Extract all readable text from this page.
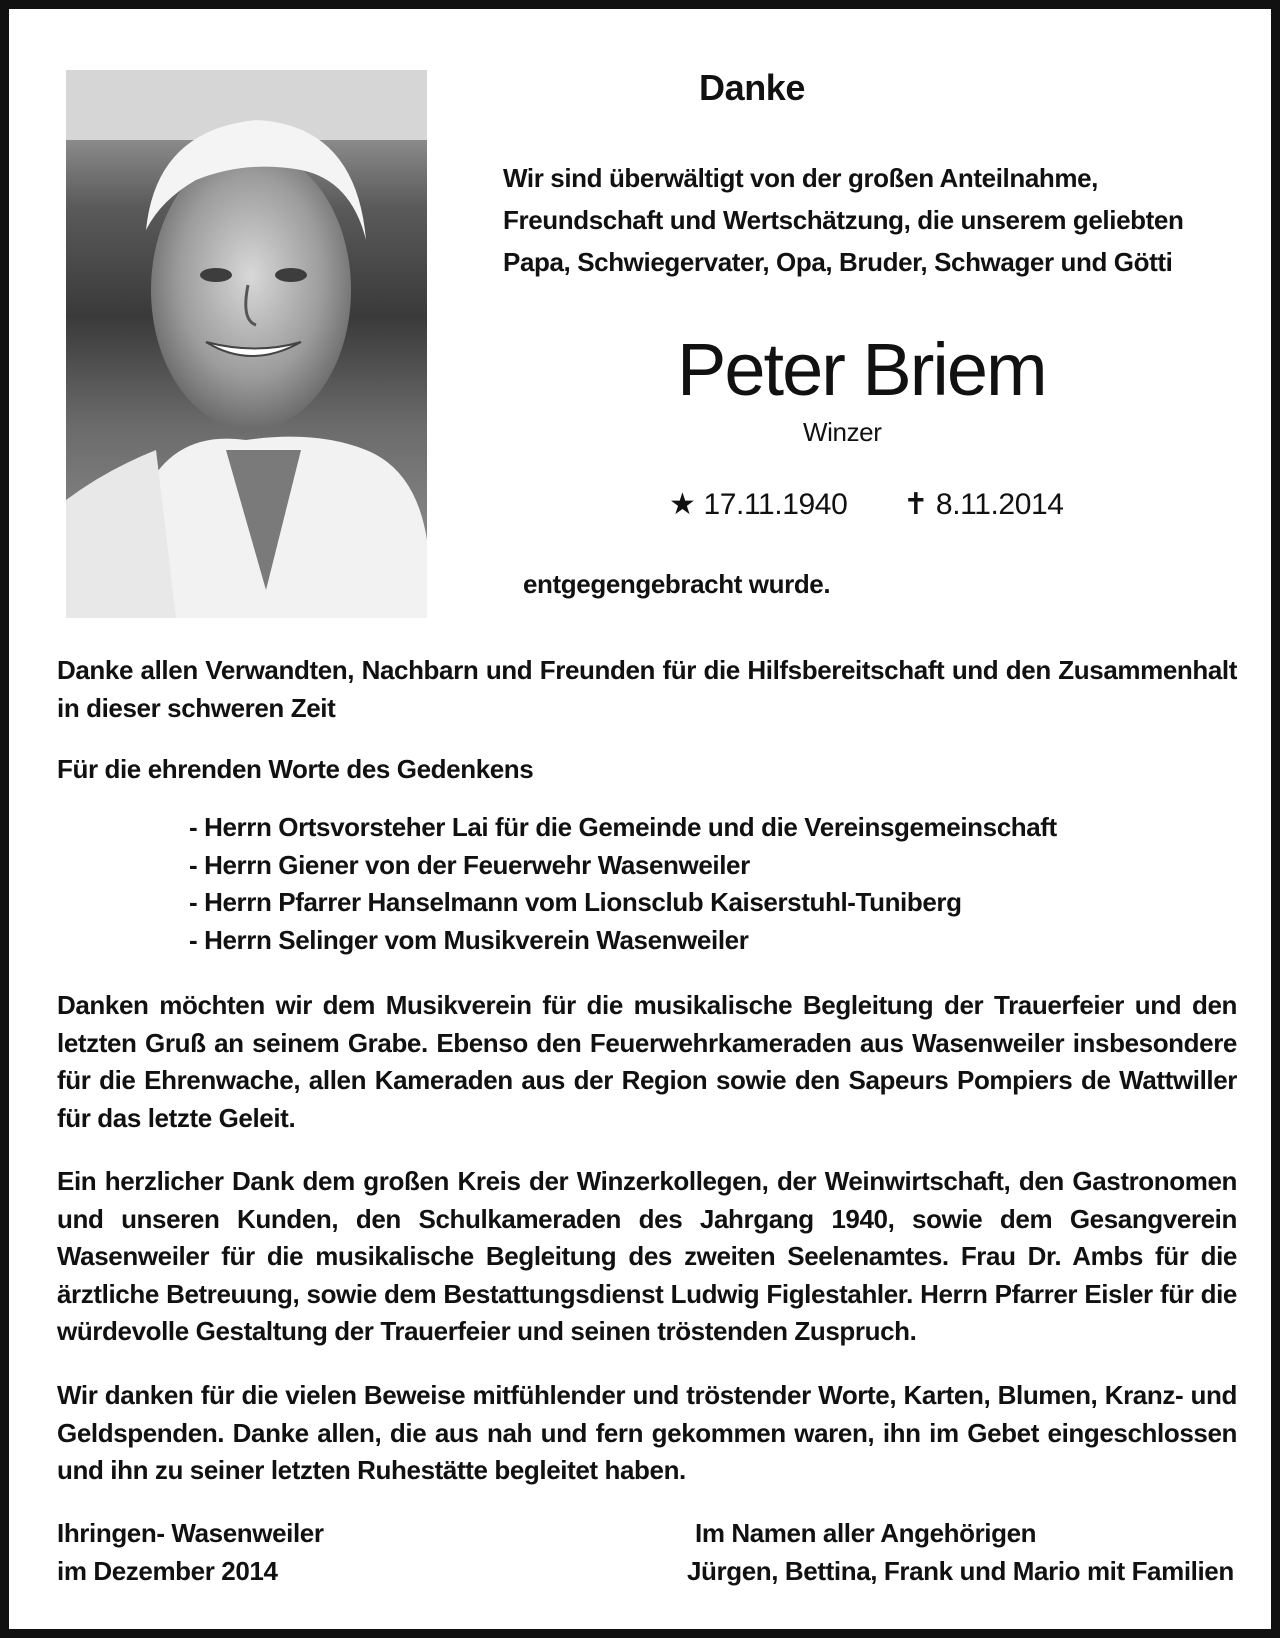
Danke
Wir sind überwältigt von der großen Anteilnahme,
Freundschaft und Wertschätzung, die unserem geliebten
Papa, Schwiegervater, Opa, Bruder, Schwager und Götti
Peter Briem
Winzer
★ 17.11.1940 ✝ 8.11.2014
entgegengebracht wurde.
Danke allen Verwandten, Nachbarn und Freunden für die Hilfsbereitschaft und den Zusammenhalt in dieser schweren Zeit
Für die ehrenden Worte des Gedenkens
- Herrn Ortsvorsteher Lai für die Gemeinde und die Vereinsgemeinschaft
- Herrn Giener von der Feuerwehr Wasenweiler
- Herrn Pfarrer Hanselmann vom Lionsclub Kaiserstuhl-Tuniberg
- Herrn Selinger vom Musikverein Wasenweiler
Danken möchten wir dem Musikverein für die musikalische Begleitung der Trauerfeier und den letzten Gruß an seinem Grabe. Ebenso den Feuerwehrkameraden aus Wasenweiler insbesondere für die Ehrenwache, allen Kameraden aus der Region sowie den Sapeurs Pompiers de Wattwiller für das letzte Geleit.
Ein herzlicher Dank dem großen Kreis der Winzerkollegen, der Weinwirtschaft, den Gastronomen und unseren Kunden, den Schulkameraden des Jahrgang 1940, sowie dem Gesangverein Wasenweiler für die musikalische Begleitung des zweiten Seelenamtes. Frau Dr. Ambs für die ärztliche Betreuung, sowie dem Bestattungsdienst Ludwig Figlestahler. Herrn Pfarrer Eisler für die würdevolle Gestaltung der Trauerfeier und seinen tröstenden Zuspruch.
Wir danken für die vielen Beweise mitfühlender und tröstender Worte, Karten, Blumen, Kranz- und Geldspenden. Danke allen, die aus nah und fern gekommen waren, ihn im Gebet eingeschlossen und ihn zu seiner letzten Ruhestätte begleitet haben.
Ihringen- Wasenweiler
im Dezember 2014
Im Namen aller Angehörigen
Jürgen, Bettina, Frank und Mario mit Familien
